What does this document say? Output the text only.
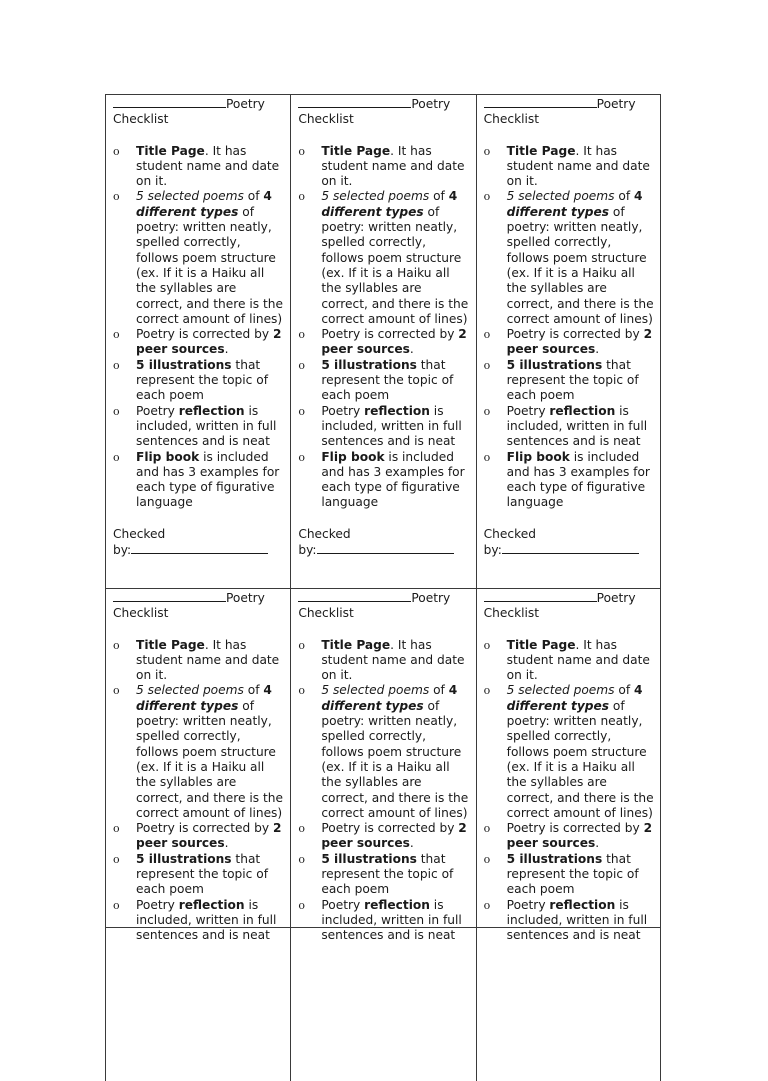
Poetry
Checklist
o Title Page. It has student name and date on it.
o 5 selected poems of 4 different types of poetry: written neatly, spelled correctly, follows poem structure (ex. If it is a Haiku all the syllables are correct, and there is the correct amount of lines)
o Poetry is corrected by 2 peer sources.
o 5 illustrations that represent the topic of each poem
o Poetry reflection is included, written in full sentences and is neat
o Flip book is included and has 3 examples for each type of figurative language
Checked
by:
Poetry
Checklist
o Title Page. It has student name and date on it.
o 5 selected poems of 4 different types of poetry: written neatly, spelled correctly, follows poem structure (ex. If it is a Haiku all the syllables are correct, and there is the correct amount of lines)
o Poetry is corrected by 2 peer sources.
o 5 illustrations that represent the topic of each poem
o Poetry reflection is included, written in full sentences and is neat
o Flip book is included and has 3 examples for each type of figurative language
Checked
by:
Poetry
Checklist
o Title Page. It has student name and date on it.
o 5 selected poems of 4 different types of poetry: written neatly, spelled correctly, follows poem structure (ex. If it is a Haiku all the syllables are correct, and there is the correct amount of lines)
o Poetry is corrected by 2 peer sources.
o 5 illustrations that represent the topic of each poem
o Poetry reflection is included, written in full sentences and is neat
o Flip book is included and has 3 examples for each type of figurative language
Checked
by:
Poetry
Checklist
o Title Page. It has student name and date on it.
o 5 selected poems of 4 different types of poetry: written neatly, spelled correctly, follows poem structure (ex. If it is a Haiku all the syllables are correct, and there is the correct amount of lines)
o Poetry is corrected by 2 peer sources.
o 5 illustrations that represent the topic of each poem
o Poetry reflection is included, written in full sentences and is neat
Poetry
Checklist
o Title Page. It has student name and date on it.
o 5 selected poems of 4 different types of poetry: written neatly, spelled correctly, follows poem structure (ex. If it is a Haiku all the syllables are correct, and there is the correct amount of lines)
o Poetry is corrected by 2 peer sources.
o 5 illustrations that represent the topic of each poem
o Poetry reflection is included, written in full sentences and is neat
Poetry
Checklist
o Title Page. It has student name and date on it.
o 5 selected poems of 4 different types of poetry: written neatly, spelled correctly, follows poem structure (ex. If it is a Haiku all the syllables are correct, and there is the correct amount of lines)
o Poetry is corrected by 2 peer sources.
o 5 illustrations that represent the topic of each poem
o Poetry reflection is included, written in full sentences and is neat
